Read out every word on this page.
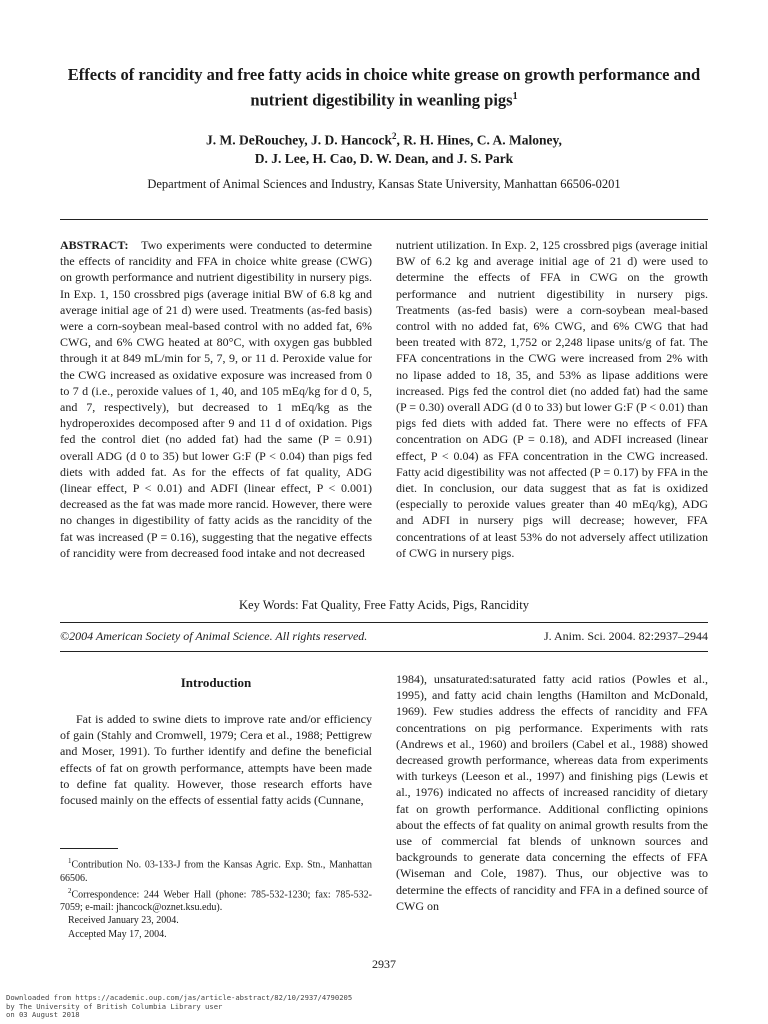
Effects of rancidity and free fatty acids in choice white grease on growth performance and nutrient digestibility in weanling pigs$^1$
J. M. DeRouchey, J. D. Hancock$^2$, R. H. Hines, C. A. Maloney,
D. J. Lee, H. Cao, D. W. Dean, and J. S. Park
Department of Animal Sciences and Industry, Kansas State University, Manhattan 66506-0201

ABSTRACT: Two experiments were conducted to determine the effects of rancidity and FFA in choice white grease (CWG) on growth performance and nutrient digestibility in nursery pigs. In Exp. 1, 150 crossbred pigs (average initial BW of 6.8 kg and average initial age of 21 d) were used. Treatments (as-fed basis) were a corn-soybean meal-based control with no added fat, 6% CWG, and 6% CWG heated at 80°C, with oxygen gas bubbled through it at 849 mL/min for 5, 7, 9, or 11 d. Peroxide value for the CWG increased as oxidative exposure was increased from 0 to 7 d (i.e., peroxide values of 1, 40, and 105 mEq/kg for d 0, 5, and 7, respectively), but decreased to 1 mEq/kg as the hydroperoxides decomposed after 9 and 11 d of oxidation. Pigs fed the control diet (no added fat) had the same (P = 0.91) overall ADG (d 0 to 35) but lower G:F (P < 0.04) than pigs fed diets with added fat. As for the effects of fat quality, ADG (linear effect, P < 0.01) and ADFI (linear effect, P < 0.001) decreased as the fat was made more rancid. However, there were no changes in digestibility of fatty acids as the rancidity of the fat was increased (P = 0.16), suggesting that the negative effects of rancidity were from decreased food intake and not decreased

nutrient utilization. In Exp. 2, 125 crossbred pigs (average initial BW of 6.2 kg and average initial age of 21 d) were used to determine the effects of FFA in CWG on the growth performance and nutrient digestibility in nursery pigs. Treatments (as-fed basis) were a corn-soybean meal-based control with no added fat, 6% CWG, and 6% CWG that had been treated with 872, 1,752 or 2,248 lipase units/g of fat. The FFA concentrations in the CWG were increased from 2% with no lipase added to 18, 35, and 53% as lipase additions were increased. Pigs fed the control diet (no added fat) had the same (P = 0.30) overall ADG (d 0 to 33) but lower G:F (P < 0.01) than pigs fed diets with added fat. There were no effects of FFA concentration on ADG (P = 0.18), and ADFI increased (linear effect, P < 0.04) as FFA concentration in the CWG increased. Fatty acid digestibility was not affected (P = 0.17) by FFA in the diet. In conclusion, our data suggest that as fat is oxidized (especially to peroxide values greater than 40 mEq/kg), ADG and ADFI in nursery pigs will decrease; however, FFA concentrations of at least 53% do not adversely affect utilization of CWG in nursery pigs.

Key Words: Fat Quality, Free Fatty Acids, Pigs, Rancidity
©2004 American Society of Animal Science. All rights reserved.	J. Anim. Sci. 2004. 82:2937–2944
Introduction

Fat is added to swine diets to improve rate and/or efficiency of gain (Stahly and Cromwell, 1979; Cera et al., 1988; Pettigrew and Moser, 1991). To further identify and define the beneficial effects of fat on growth performance, attempts have been made to define fat quality. However, those research efforts have focused mainly on the effects of essential fatty acids (Cunnane,

1984), unsaturated:saturated fatty acid ratios (Powles et al., 1995), and fatty acid chain lengths (Hamilton and McDonald, 1969). Few studies address the effects of rancidity and FFA concentrations on pig performance. Experiments with rats (Andrews et al., 1960) and broilers (Cabel et al., 1988) showed decreased growth performance, whereas data from experiments with turkeys (Leeson et al., 1997) and finishing pigs (Lewis et al., 1976) indicated no affects of increased rancidity of dietary fat on growth performance. Additional conflicting opinions about the effects of fat quality on animal growth results from the use of commercial fat blends of unknown sources and backgrounds to generate data concerning the effects of FFA (Wiseman and Cole, 1987). Thus, our objective was to determine the effects of rancidity and FFA in a defined source of CWG on

$^1$Contribution No. 03-133-J from the Kansas Agric. Exp. Stn., Manhattan 66506.

$^2$Correspondence: 244 Weber Hall (phone: 785-532-1230; fax: 785-532-7059; e-mail: jhancock@oznet.ksu.edu).

Received January 23, 2004.

Accepted May 17, 2004.

2937
Downloaded from https://academic.oup.com/jas/article-abstract/82/10/2937/4790205
by The University of British Columbia Library user
on 03 August 2018
